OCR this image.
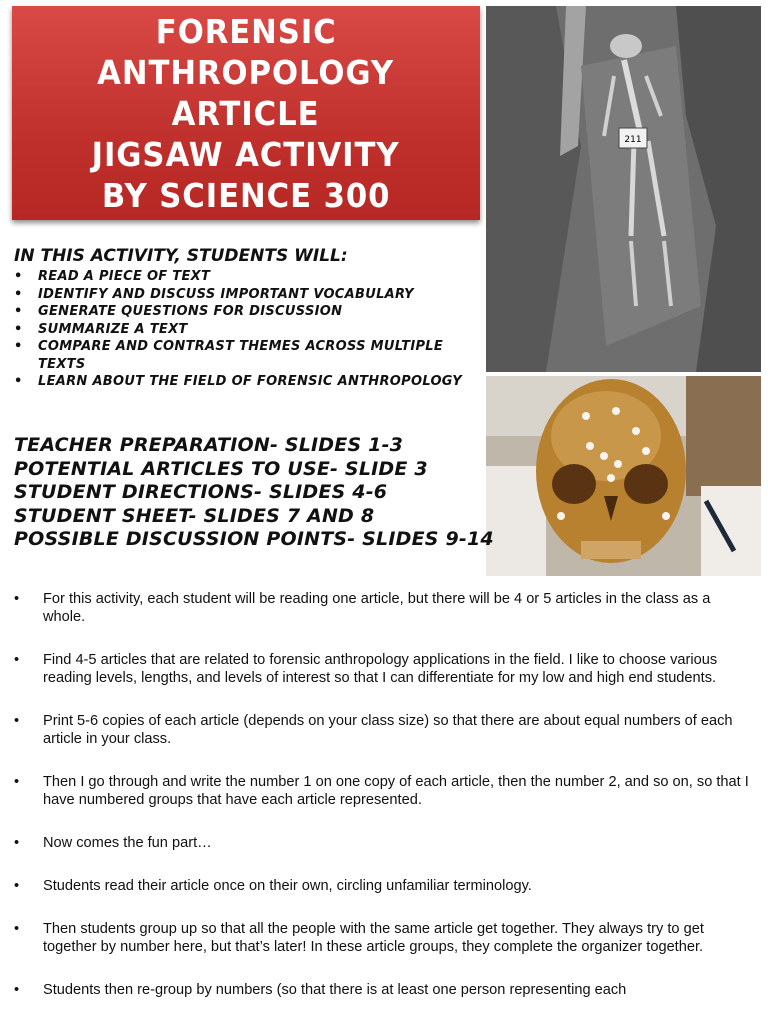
FORENSIC
ANTHROPOLOGY
ARTICLE
JIGSAW ACTIVITY
BY SCIENCE 300
211
IN THIS ACTIVITY, STUDENTS WILL:
• READ A PIECE OF TEXT
• IDENTIFY AND DISCUSS IMPORTANT VOCABULARY
• GENERATE QUESTIONS FOR DISCUSSION
• SUMMARIZE A TEXT
• COMPARE AND CONTRAST THEMES ACROSS MULTIPLE TEXTS
• LEARN ABOUT THE FIELD OF FORENSIC ANTHROPOLOGY
TEACHER PREPARATION- SLIDES 1-3
POTENTIAL ARTICLES TO USE- SLIDE 3
STUDENT DIRECTIONS- SLIDES 4-6
STUDENT SHEET- SLIDES 7 AND 8
POSSIBLE DISCUSSION POINTS- SLIDES 9-14
• For this activity, each student will be reading one article, but there will be 4 or 5 articles in the class as a whole.
• Find 4-5 articles that are related to forensic anthropology applications in the field. I like to choose various reading levels, lengths, and levels of interest so that I can differentiate for my low and high end students.
• Print 5-6 copies of each article (depends on your class size) so that there are about equal numbers of each article in your class.
• Then I go through and write the number 1 on one copy of each article, then the number 2, and so on, so that I have numbered groups that have each article represented.
• Now comes the fun part…
• Students read their article once on their own, circling unfamiliar terminology.
• Then students group up so that all the people with the same article get together. They always try to get together by number here, but that’s later! In these article groups, they complete the organizer together.
• Students then re-group by numbers (so that there is at least one person representing each
